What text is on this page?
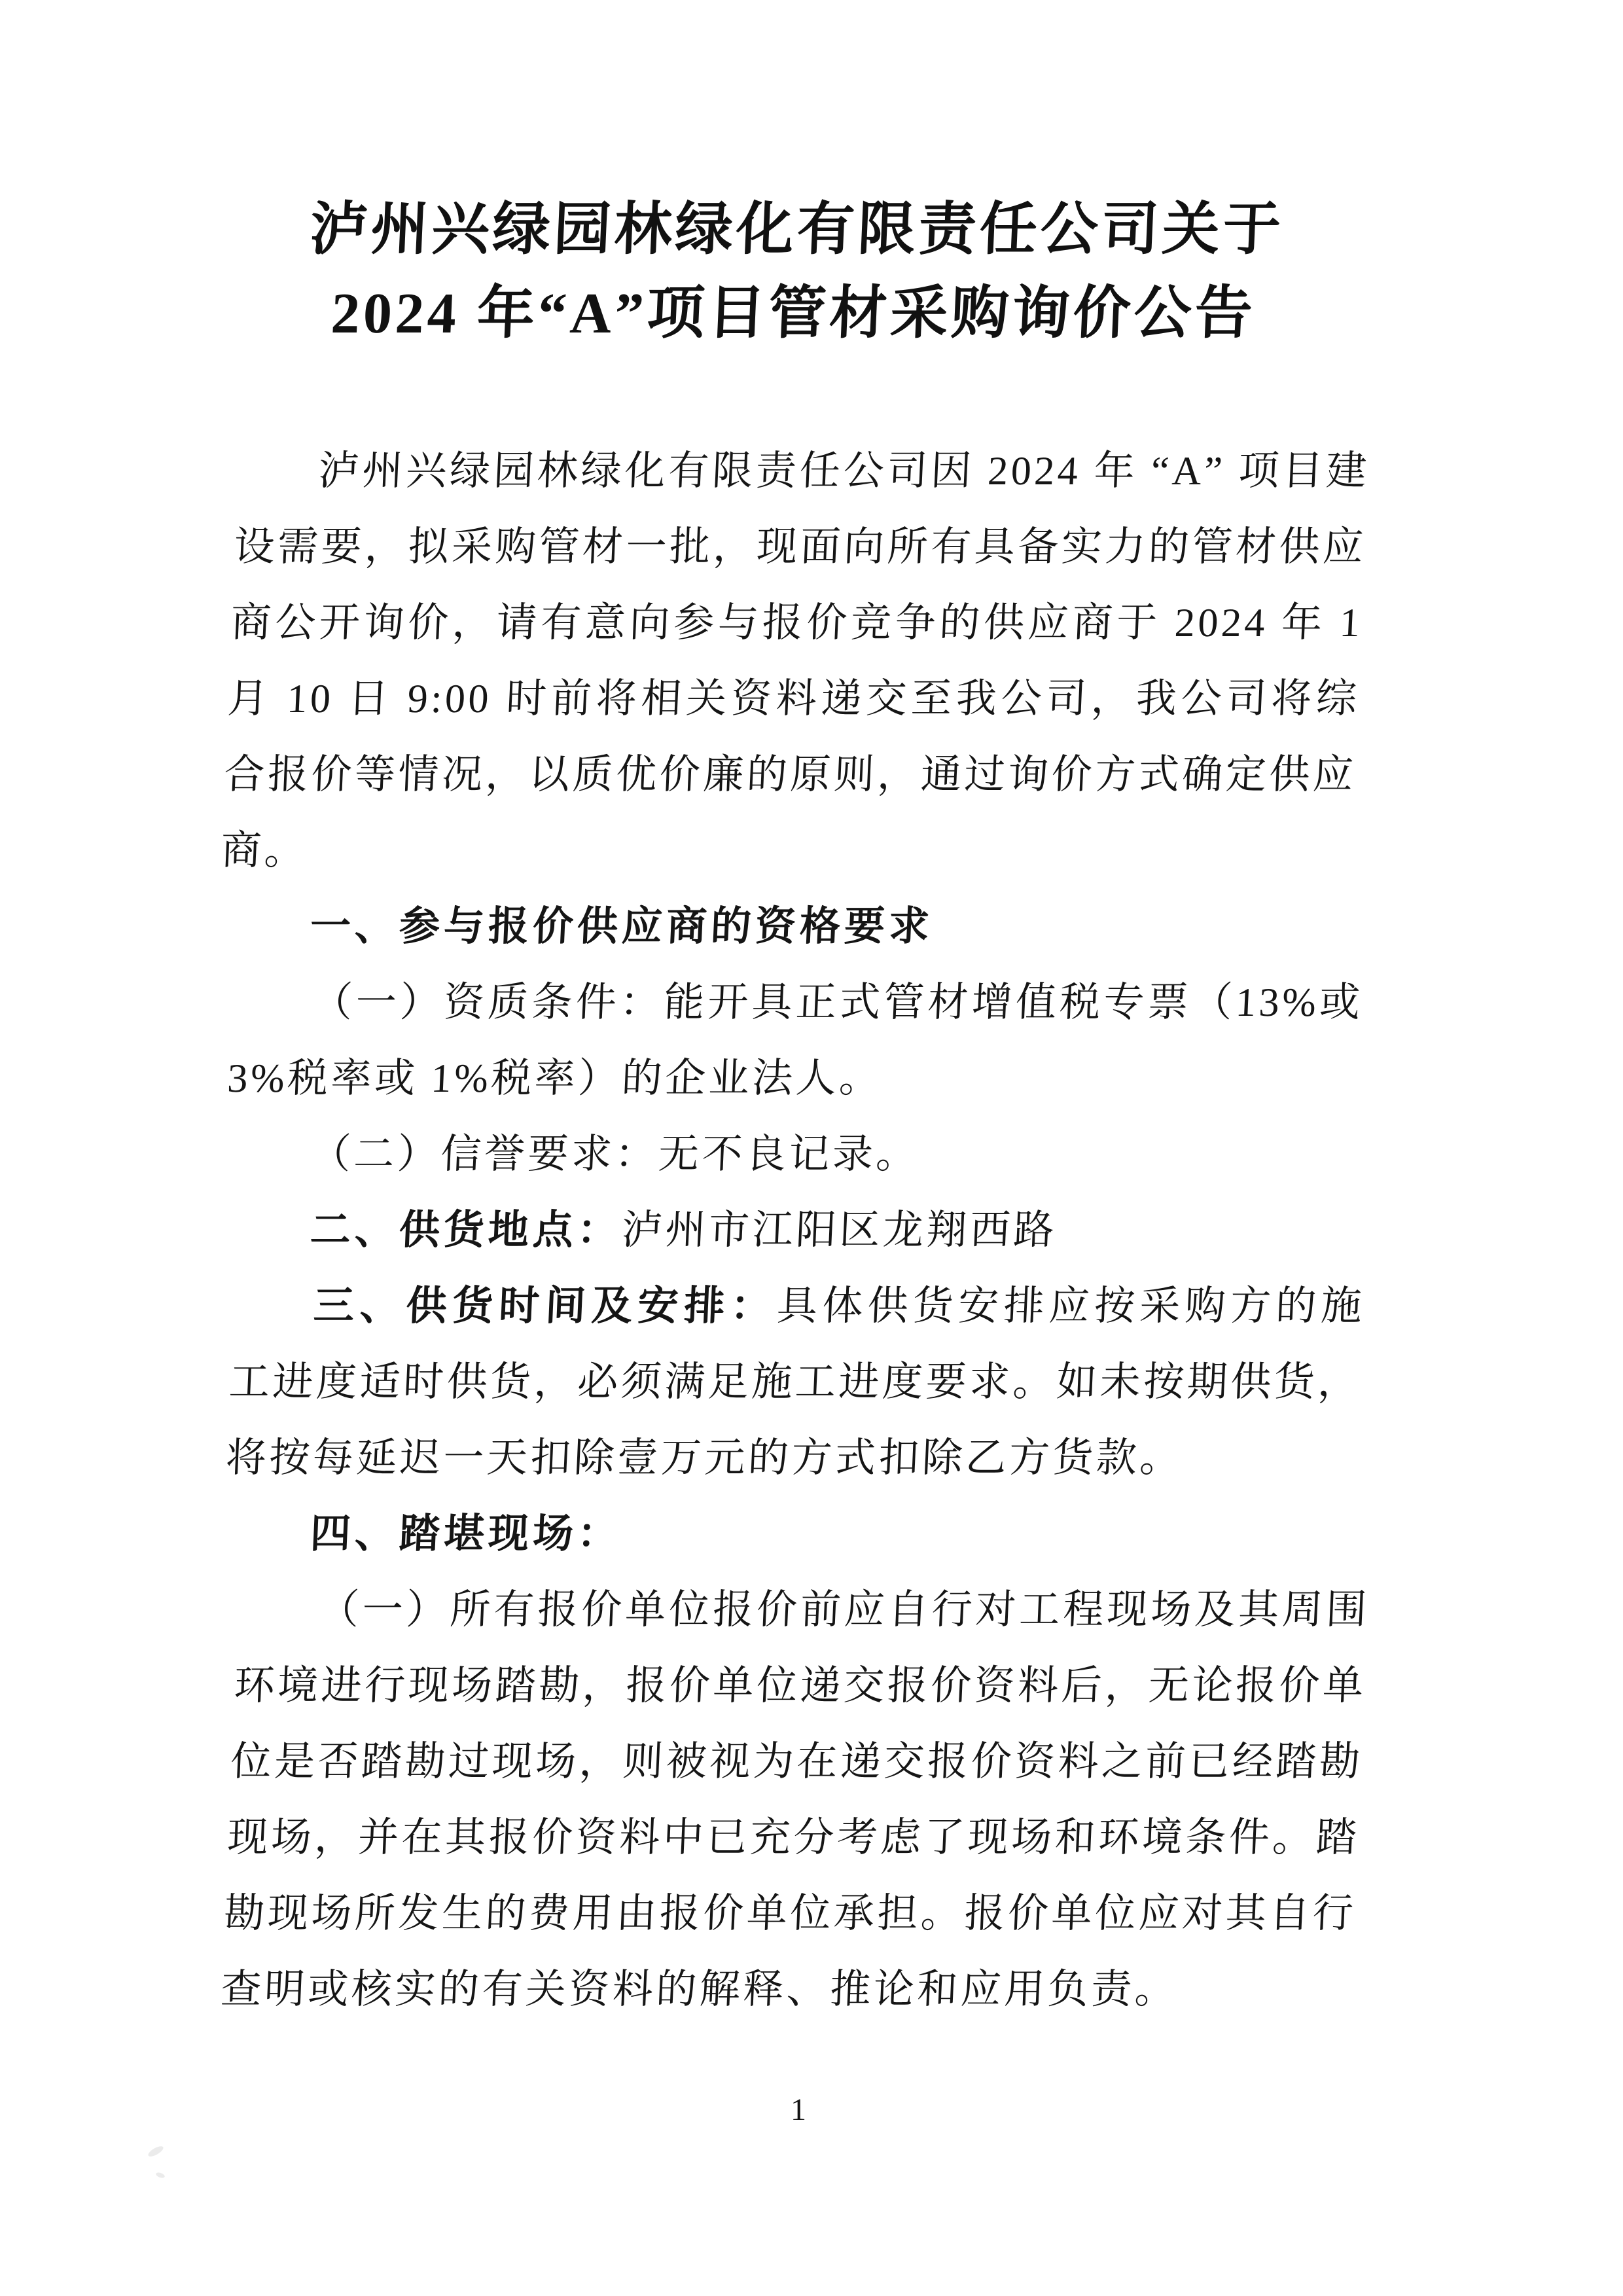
泸州兴绿园林绿化有限责任公司关于
2024 年“A”项目管材采购询价公告

泸州兴绿园林绿化有限责任公司因 2024 年 “A” 项目建设需要，拟采购管材一批，现面向所有具备实力的管材供应商公开询价，请有意向参与报价竞争的供应商于 2024 年 1 月 10 日 9:00 时前将相关资料递交至我公司，我公司将综合报价等情况，以质优价廉的原则，通过询价方式确定供应商。

一、参与报价供应商的资格要求

（一）资质条件：能开具正式管材增值税专票（13%或 3%税率或 1%税率）的企业法人。

（二）信誉要求：无不良记录。

二、供货地点：泸州市江阳区龙翔西路

三、供货时间及安排：具体供货安排应按采购方的施工进度适时供货，必须满足施工进度要求。如未按期供货，将按每延迟一天扣除壹万元的方式扣除乙方货款。

四、踏堪现场：

（一）所有报价单位报价前应自行对工程现场及其周围环境进行现场踏勘，报价单位递交报价资料后，无论报价单位是否踏勘过现场，则被视为在递交报价资料之前已经踏勘现场，并在其报价资料中已充分考虑了现场和环境条件。踏勘现场所发生的费用由报价单位承担。报价单位应对其自行查明或核实的有关资料的解释、推论和应用负责。

1
